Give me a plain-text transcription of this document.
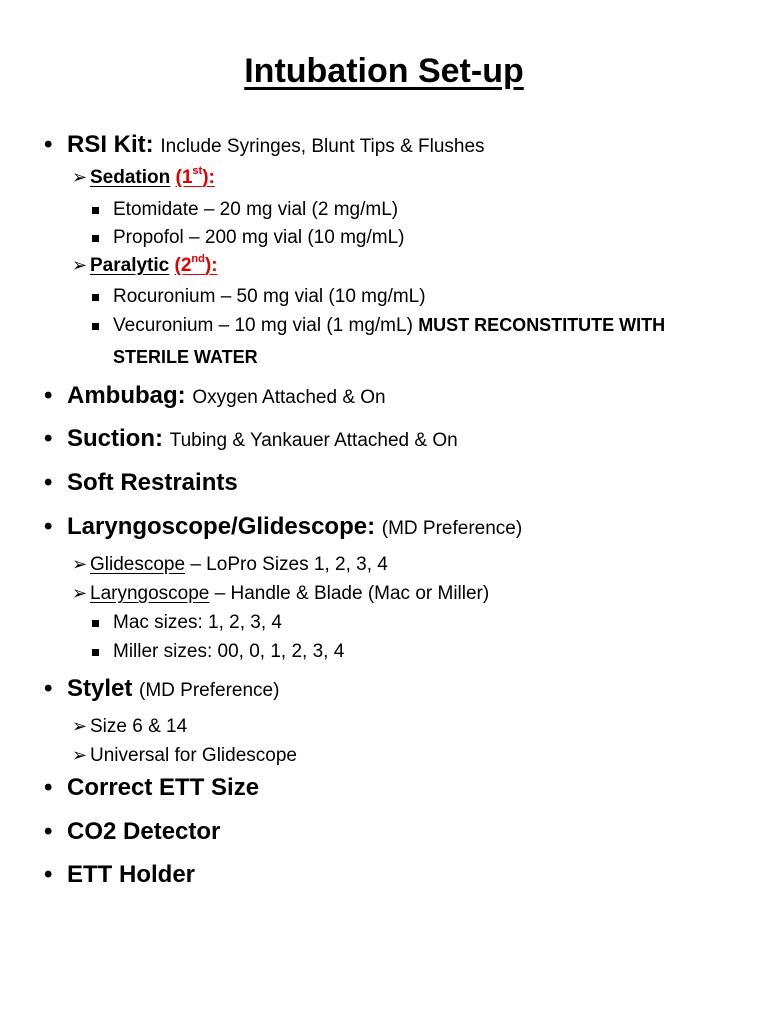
Intubation Set-up
• RSI Kit: Include Syringes, Blunt Tips & Flushes
➢ Sedation (1st):
Etomidate – 20 mg vial (2 mg/mL)
Propofol – 200 mg vial (10 mg/mL)
➢ Paralytic (2nd):
Rocuronium – 50 mg vial (10 mg/mL)
Vecuronium – 10 mg vial (1 mg/mL) MUST RECONSTITUTE WITH
STERILE WATER
• Ambubag: Oxygen Attached & On
• Suction: Tubing & Yankauer Attached & On
• Soft Restraints
• Laryngoscope/Glidescope: (MD Preference)
➢ Glidescope – LoPro Sizes 1, 2, 3, 4
➢ Laryngoscope – Handle & Blade (Mac or Miller)
Mac sizes: 1, 2, 3, 4
Miller sizes: 00, 0, 1, 2, 3, 4
• Stylet (MD Preference)
➢ Size 6 & 14
➢ Universal for Glidescope
• Correct ETT Size
• CO2 Detector
• ETT Holder
